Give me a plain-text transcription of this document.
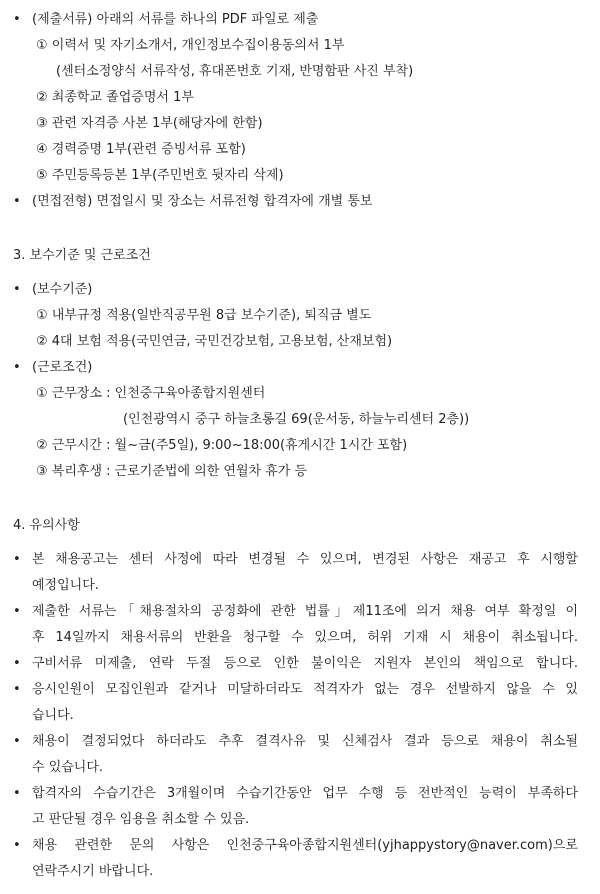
• (제출서류) 아래의 서류를 하나의 PDF 파일로 제출
① 이력서 및 자기소개서, 개인정보수집이용동의서 1부
(센터소정양식 서류작성, 휴대폰번호 기재, 반명함판 사진 부착)
② 최종학교 졸업증명서 1부
③ 관련 자격증 사본 1부(해당자에 한함)
④ 경력증명 1부(관련 증빙서류 포함)
⑤ 주민등록등본 1부(주민번호 뒷자리 삭제)
• (면접전형) 면접일시 및 장소는 서류전형 합격자에 개별 통보
3. 보수기준 및 근로조건
• (보수기준)
① 내부규정 적용(일반직공무원 8급 보수기준), 퇴직금 별도
② 4대 보험 적용(국민연금, 국민건강보험, 고용보험, 산재보험)
• (근로조건)
① 근무장소 : 인천중구육아종합지원센터
(인천광역시 중구 하늘초롱길 69(운서동, 하늘누리센터 2층))
② 근무시간 : 월~금(주5일), 9:00~18:00(휴게시간 1시간 포함)
③ 복리후생 : 근로기준법에 의한 연월차 휴가 등
4. 유의사항
• 본 채용공고는 센터 사정에 따라 변경될 수 있으며, 변경된 사항은 재공고 후 시행할
예정입니다.
• 제출한 서류는「채용절차의 공정화에 관한 법률」제11조에 의거 채용 여부 확정일 이
후 14일까지 채용서류의 반환을 청구할 수 있으며, 허위 기재 시 채용이 취소됩니다.
• 구비서류 미제출, 연락 두절 등으로 인한 불이익은 지원자 본인의 책임으로 합니다.
• 응시인원이 모집인원과 같거나 미달하더라도 적격자가 없는 경우 선발하지 않을 수 있
습니다.
• 채용이 결정되었다 하더라도 추후 결격사유 및 신체검사 결과 등으로 채용이 취소될
수 있습니다.
• 합격자의 수습기간은 3개월이며 수습기간동안 업무 수행 등 전반적인 능력이 부족하다
고 판단될 경우 임용을 취소할 수 있음.
• 채용 관련한 문의 사항은 인천중구육아종합지원센터(yjhappystory@naver.com)으로
연락주시기 바랍니다.
